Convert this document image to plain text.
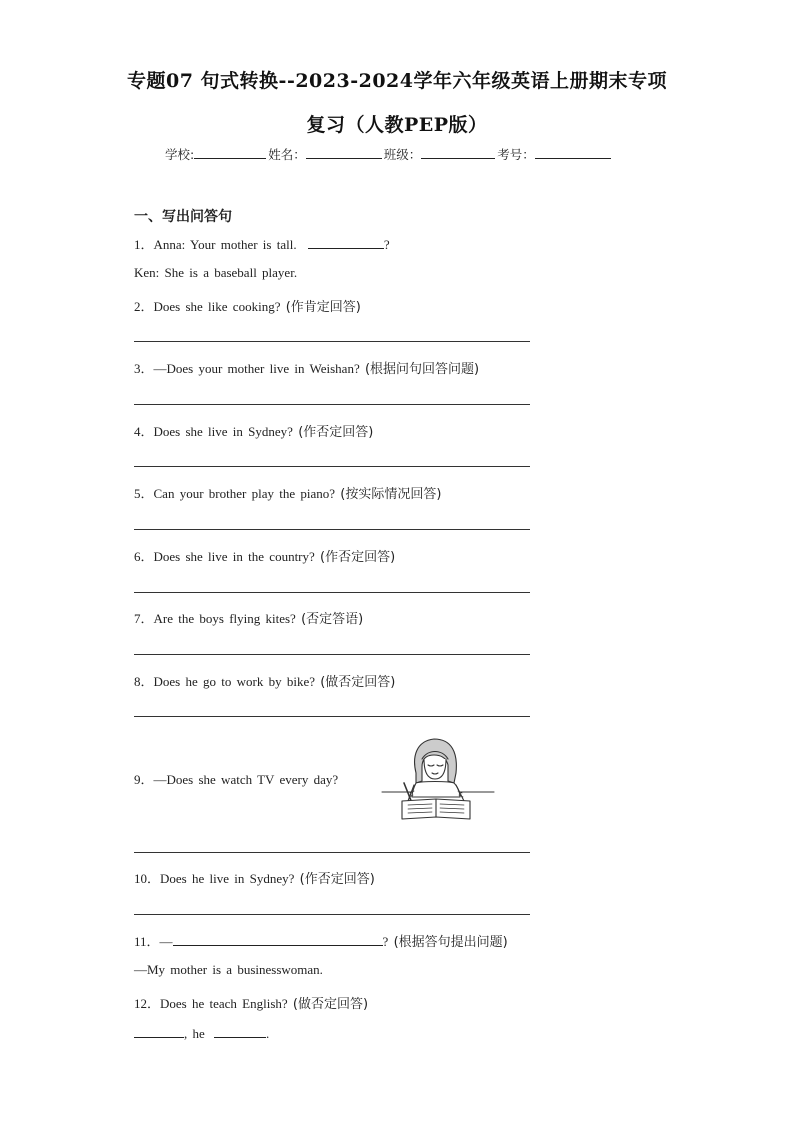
专题07 句式转换--2023-2024学年六年级英语上册期末专项
复习（人教PEP版）
学校:	姓名：	班级：	考号：
一、写出问答句
1．Anna: Your mother is tall.	?
Ken: She is a baseball player.
2．Does she like cooking? (作肯定回答)
3．—Does your mother live in Weishan? (根据问句回答问题)
4．Does she live in Sydney? (作否定回答)
5．Can your brother play the piano? (按实际情况回答)
6．Does she live in the country? (作否定回答)
7．Are the boys flying kites? (否定答语)
8．Does he go to work by bike? (做否定回答)
9．—Does she watch TV every day?
10．Does he live in Sydney? (作否定回答)
11．—	? (根据答句提出问题)
—My mother is a businesswoman.
12．Does he teach English? (做否定回答)
, he	.
